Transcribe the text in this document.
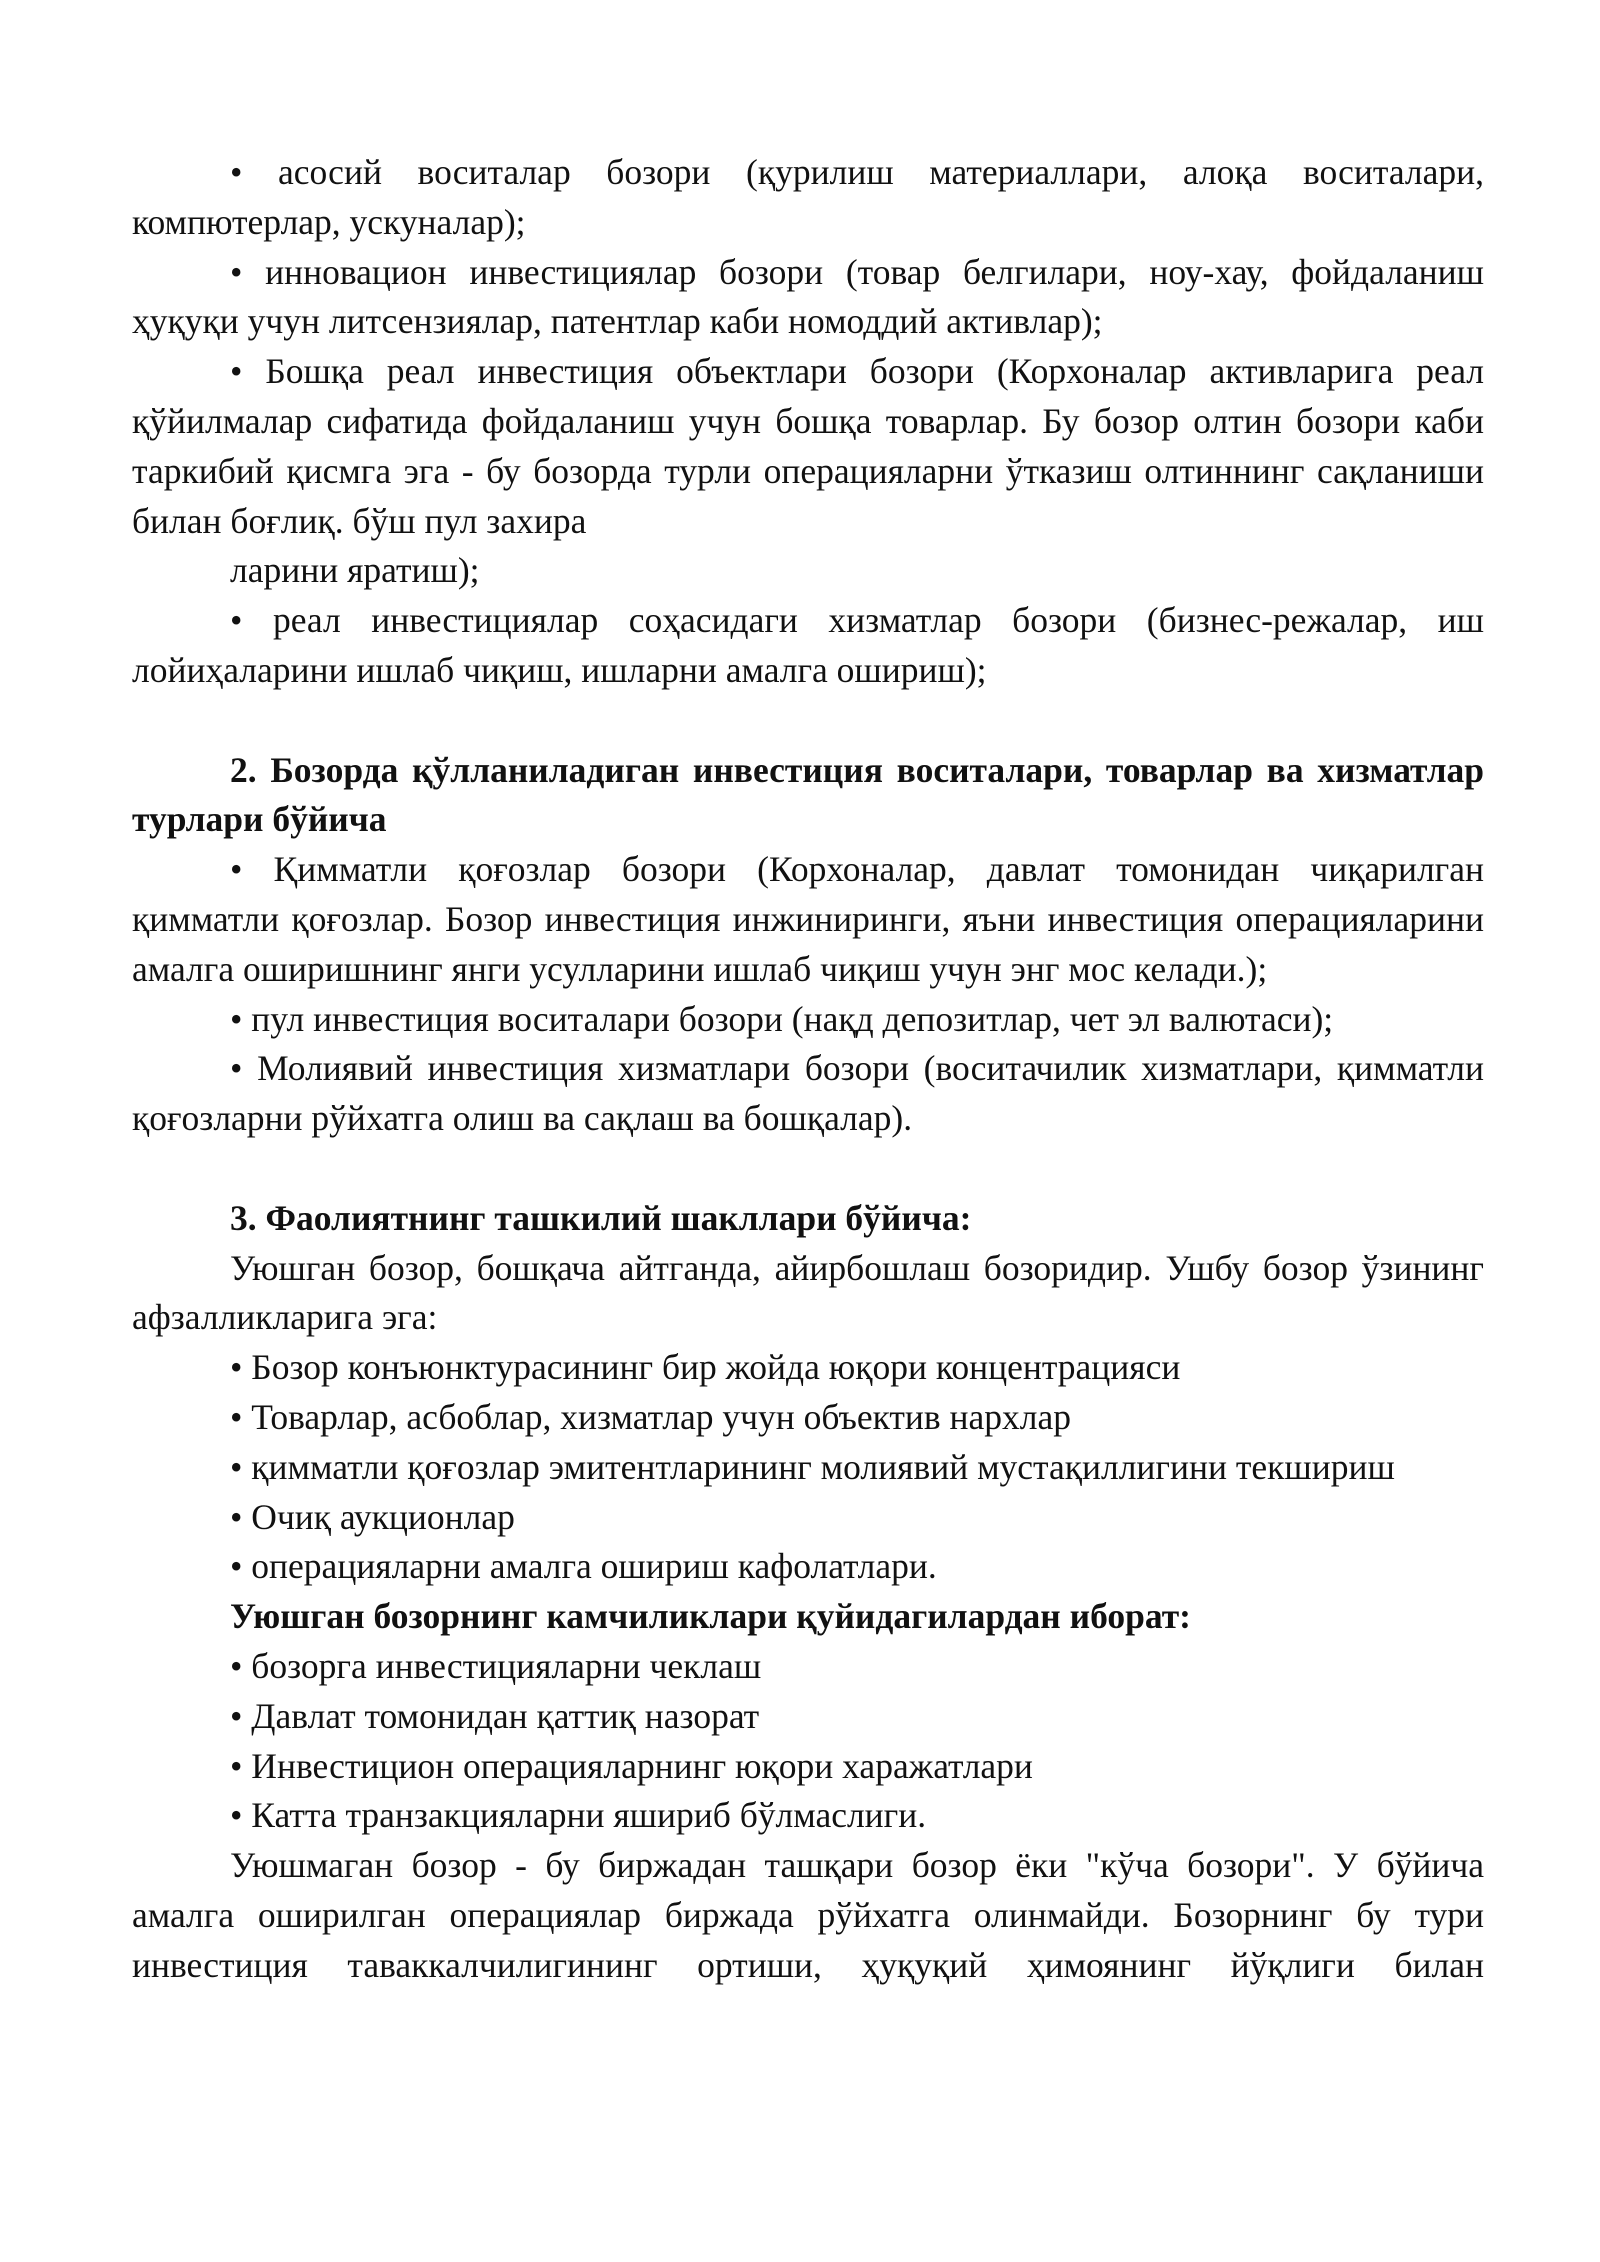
• асосий воситалар бозори (қурилиш материаллари, алоқа воситалари, компютерлар, ускуналар);

• инновацион инвестициялар бозори (товар белгилари, ноу-хау, фойдаланиш ҳуқуқи учун литсензиялар, патентлар каби номоддий активлар);

• Бошқа реал инвестиция объектлари бозори (Корхоналар активларига реал қўйилмалар сифатида фойдаланиш учун бошқа товарлар. Бу бозор олтин бозори каби таркибий қисмга эга - бу бозорда турли операцияларни ўтказиш олтиннинг сақланиши билан боғлиқ. бўш пул захира

ларини яратиш);

• реал инвестициялар соҳасидаги хизматлар бозори (бизнес-режалар, иш лойиҳаларини ишлаб чиқиш, ишларни амалга ошириш);

2. Бозорда қўлланиладиган инвестиция воситалари, товарлар ва хизматлар турлари бўйича

• Қимматли қоғозлар бозори (Корхоналар, давлат томонидан чиқарилган қимматли қоғозлар. Бозор инвестиция инжиниринги, яъни инвестиция операцияларини амалга оширишнинг янги усулларини ишлаб чиқиш учун энг мос келади.);

• пул инвестиция воситалари бозори (нақд депозитлар, чет эл валютаси);

• Молиявий инвестиция хизматлари бозори (воситачилик хизматлари, қимматли қоғозларни рўйхатга олиш ва сақлаш ва бошқалар).

3. Фаолиятнинг ташкилий шакллари бўйича:

Уюшган бозор, бошқача айтганда, айирбошлаш бозоридир. Ушбу бозор ўзининг афзалликларига эга:

• Бозор конъюнктурасининг бир жойда юқори концентрацияси

• Товарлар, асбоблар, хизматлар учун объектив нархлар

• қимматли қоғозлар эмитентларининг молиявий мустақиллигини текшириш

• Очиқ аукционлар

• операцияларни амалга ошириш кафолатлари.

Уюшган бозорнинг камчиликлари қуйидагилардан иборат:

• бозорга инвестицияларни чеклаш

• Давлат томонидан қаттиқ назорат

• Инвестицион операцияларнинг юқори харажатлари

• Катта транзакцияларни яшириб бўлмаслиги.

Уюшмаган бозор - бу биржадан ташқари бозор ёки "кўча бозори". У бўйича амалга оширилган операциялар биржада рўйхатга олинмайди. Бозорнинг бу тури инвестиция таваккалчилигининг ортиши, ҳуқуқий ҳимоянинг йўқлиги билан
